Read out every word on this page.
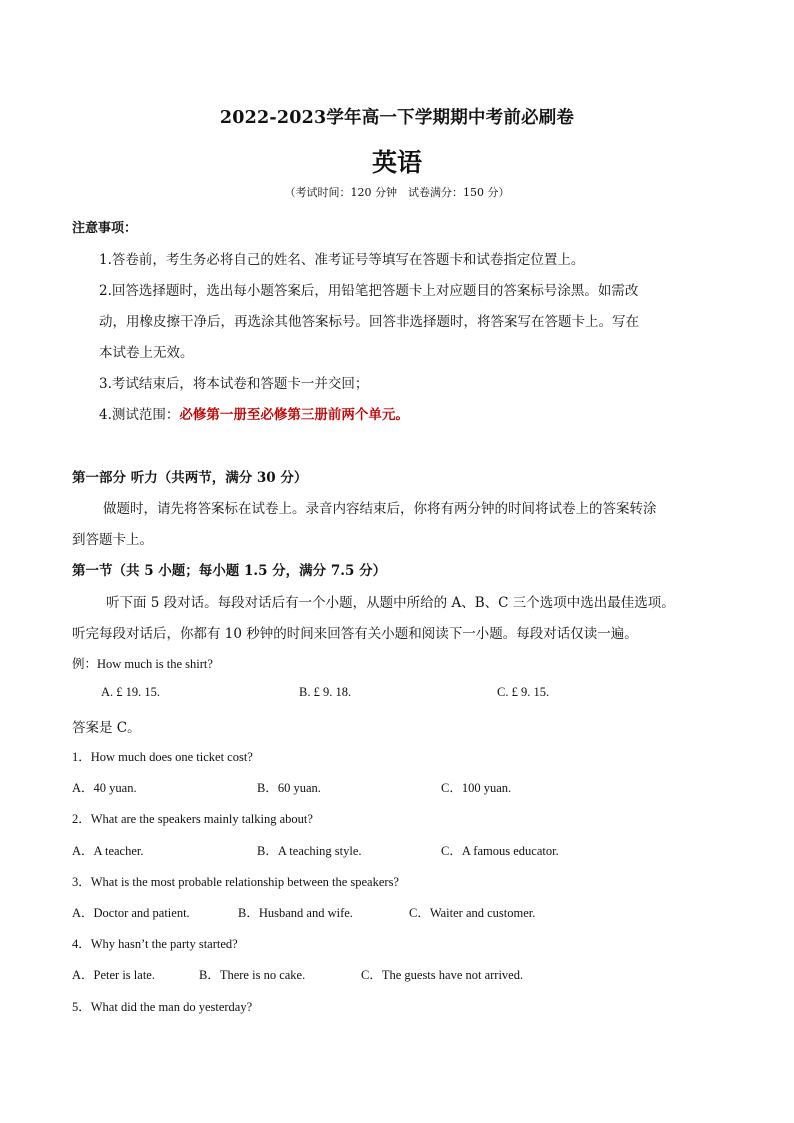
2022-2023学年高一下学期期中考前必刷卷
英语
（考试时间：120 分钟　试卷满分：150 分）
注意事项：
1.答卷前，考生务必将自己的姓名、准考证号等填写在答题卡和试卷指定位置上。
2.回答选择题时，选出每小题答案后，用铅笔把答题卡上对应题目的答案标号涂黑。如需改
动，用橡皮擦干净后，再选涂其他答案标号。回答非选择题时，将答案写在答题卡上。写在
本试卷上无效。
3.考试结束后，将本试卷和答题卡一并交回；
4.测试范围：必修第一册至必修第三册前两个单元。
第一部分 听力（共两节，满分 30 分）
做题时，请先将答案标在试卷上。录音内容结束后，你将有两分钟的时间将试卷上的答案转涂
到答题卡上。
第一节（共 5 小题；每小题 1.5 分，满分 7.5 分）
听下面 5 段对话。每段对话后有一个小题，从题中所给的 A、B、C 三个选项中选出最佳选项。
听完每段对话后，你都有 10 秒钟的时间来回答有关小题和阅读下一小题。每段对话仅读一遍。
例：How much is the shirt?
A. £ 19. 15.	B. £ 9. 18.	C. £ 9. 15.
答案是 C。
1．How much does one ticket cost?
A．40 yuan.	B．60 yuan.	C．100 yuan.
2．What are the speakers mainly talking about?
A．A teacher.	B．A teaching style.	C．A famous educator.
3．What is the most probable relationship between the speakers?
A．Doctor and patient.	B．Husband and wife.	C．Waiter and customer.
4．Why hasn’t the party started?
A．Peter is late.	B．There is no cake.	C．The guests have not arrived.
5．What did the man do yesterday?
